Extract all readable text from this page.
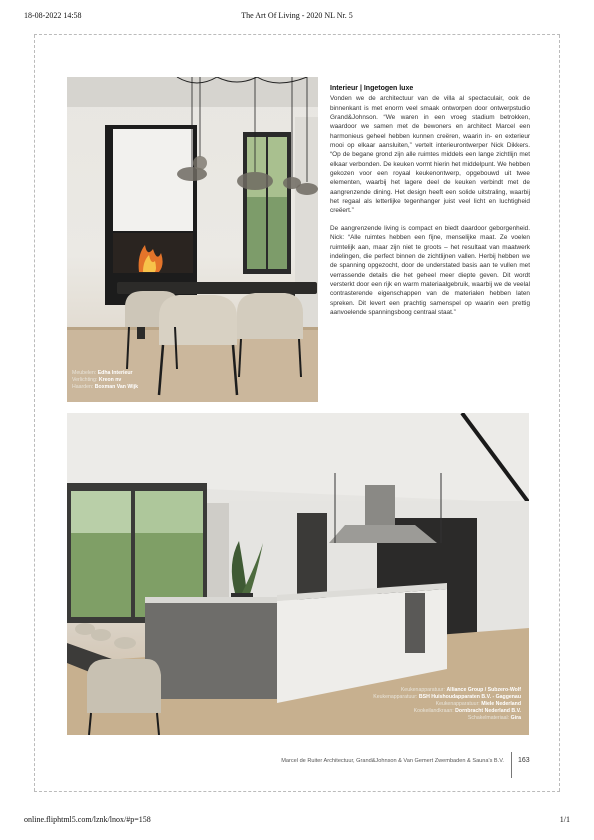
18-08-2022 14:58	The Art Of Living - 2020 NL Nr. 5
Meubelen: Edha Interieur
Verlichting: Kreon nv
Haarden: Boxman Van Wijk
Interieur | Ingetogen luxe

Vonden we de architectuur van de villa al spectaculair, ook de binnenkant is met enorm veel smaak ontworpen door ontwerpstudio Grand&Johnson. “We waren in een vroeg stadium betrokken, waardoor we samen met de bewoners en architect Marcel een harmonieus geheel hebben kunnen creëren, waarin in- en exterieur mooi op elkaar aansluiten,” vertelt interieurontwerper Nick Dikkers. “Op de begane grond zijn alle ruimtes middels een lange zichtlijn met elkaar verbonden. De keuken vormt hierin het middelpunt. We hebben gekozen voor een royaal keukenontwerp, opgebouwd uit twee elementen, waarbij het lagere deel de keuken verbindt met de aangrenzende dining. Het design heeft een solide uitstraling, waarbij het regaal als letterlijke tegenhanger juist veel licht en luchtigheid creëert.”

De aangrenzende living is compact en biedt daardoor geborgenheid. Nick: “Alle ruimtes hebben een fijne, menselijke maat. Ze voelen ruimtelijk aan, maar zijn niet te groots – het resultaat van maatwerk indelingen, die perfect binnen de zichtlijnen vallen. Herbij hebben we de spanning opgezocht, door de understated basis aan te vullen met verrassende details die het geheel meer diepte geven. Dit wordt versterkt door een rijk en warm materiaalgebruik, waarbij we de veelal contrasterende eigenschappen van de materialen hebben laten spreken. Dit levert een prachtig samenspel op waarin een prettig aanvoelende spanningsboog centraal staat.”

Keukenapparatuur: Alliance Group / Subzero-Wolf
Keukenapparatuur: BSH Huishoudapparaten B.V. - Gaggenau
Keukenapparatuur: Miele Nederland
Kookeilandkraan: Dornbracht Nederland B.V.
Schakelmateriaal: Gira
Marcel de Ruiter Architectuur, Grand&Johnson & Van Gemert Zwembaden & Sauna's B.V. 163
online.fliphtml5.com/lznk/lnox/#p=158	1/1
